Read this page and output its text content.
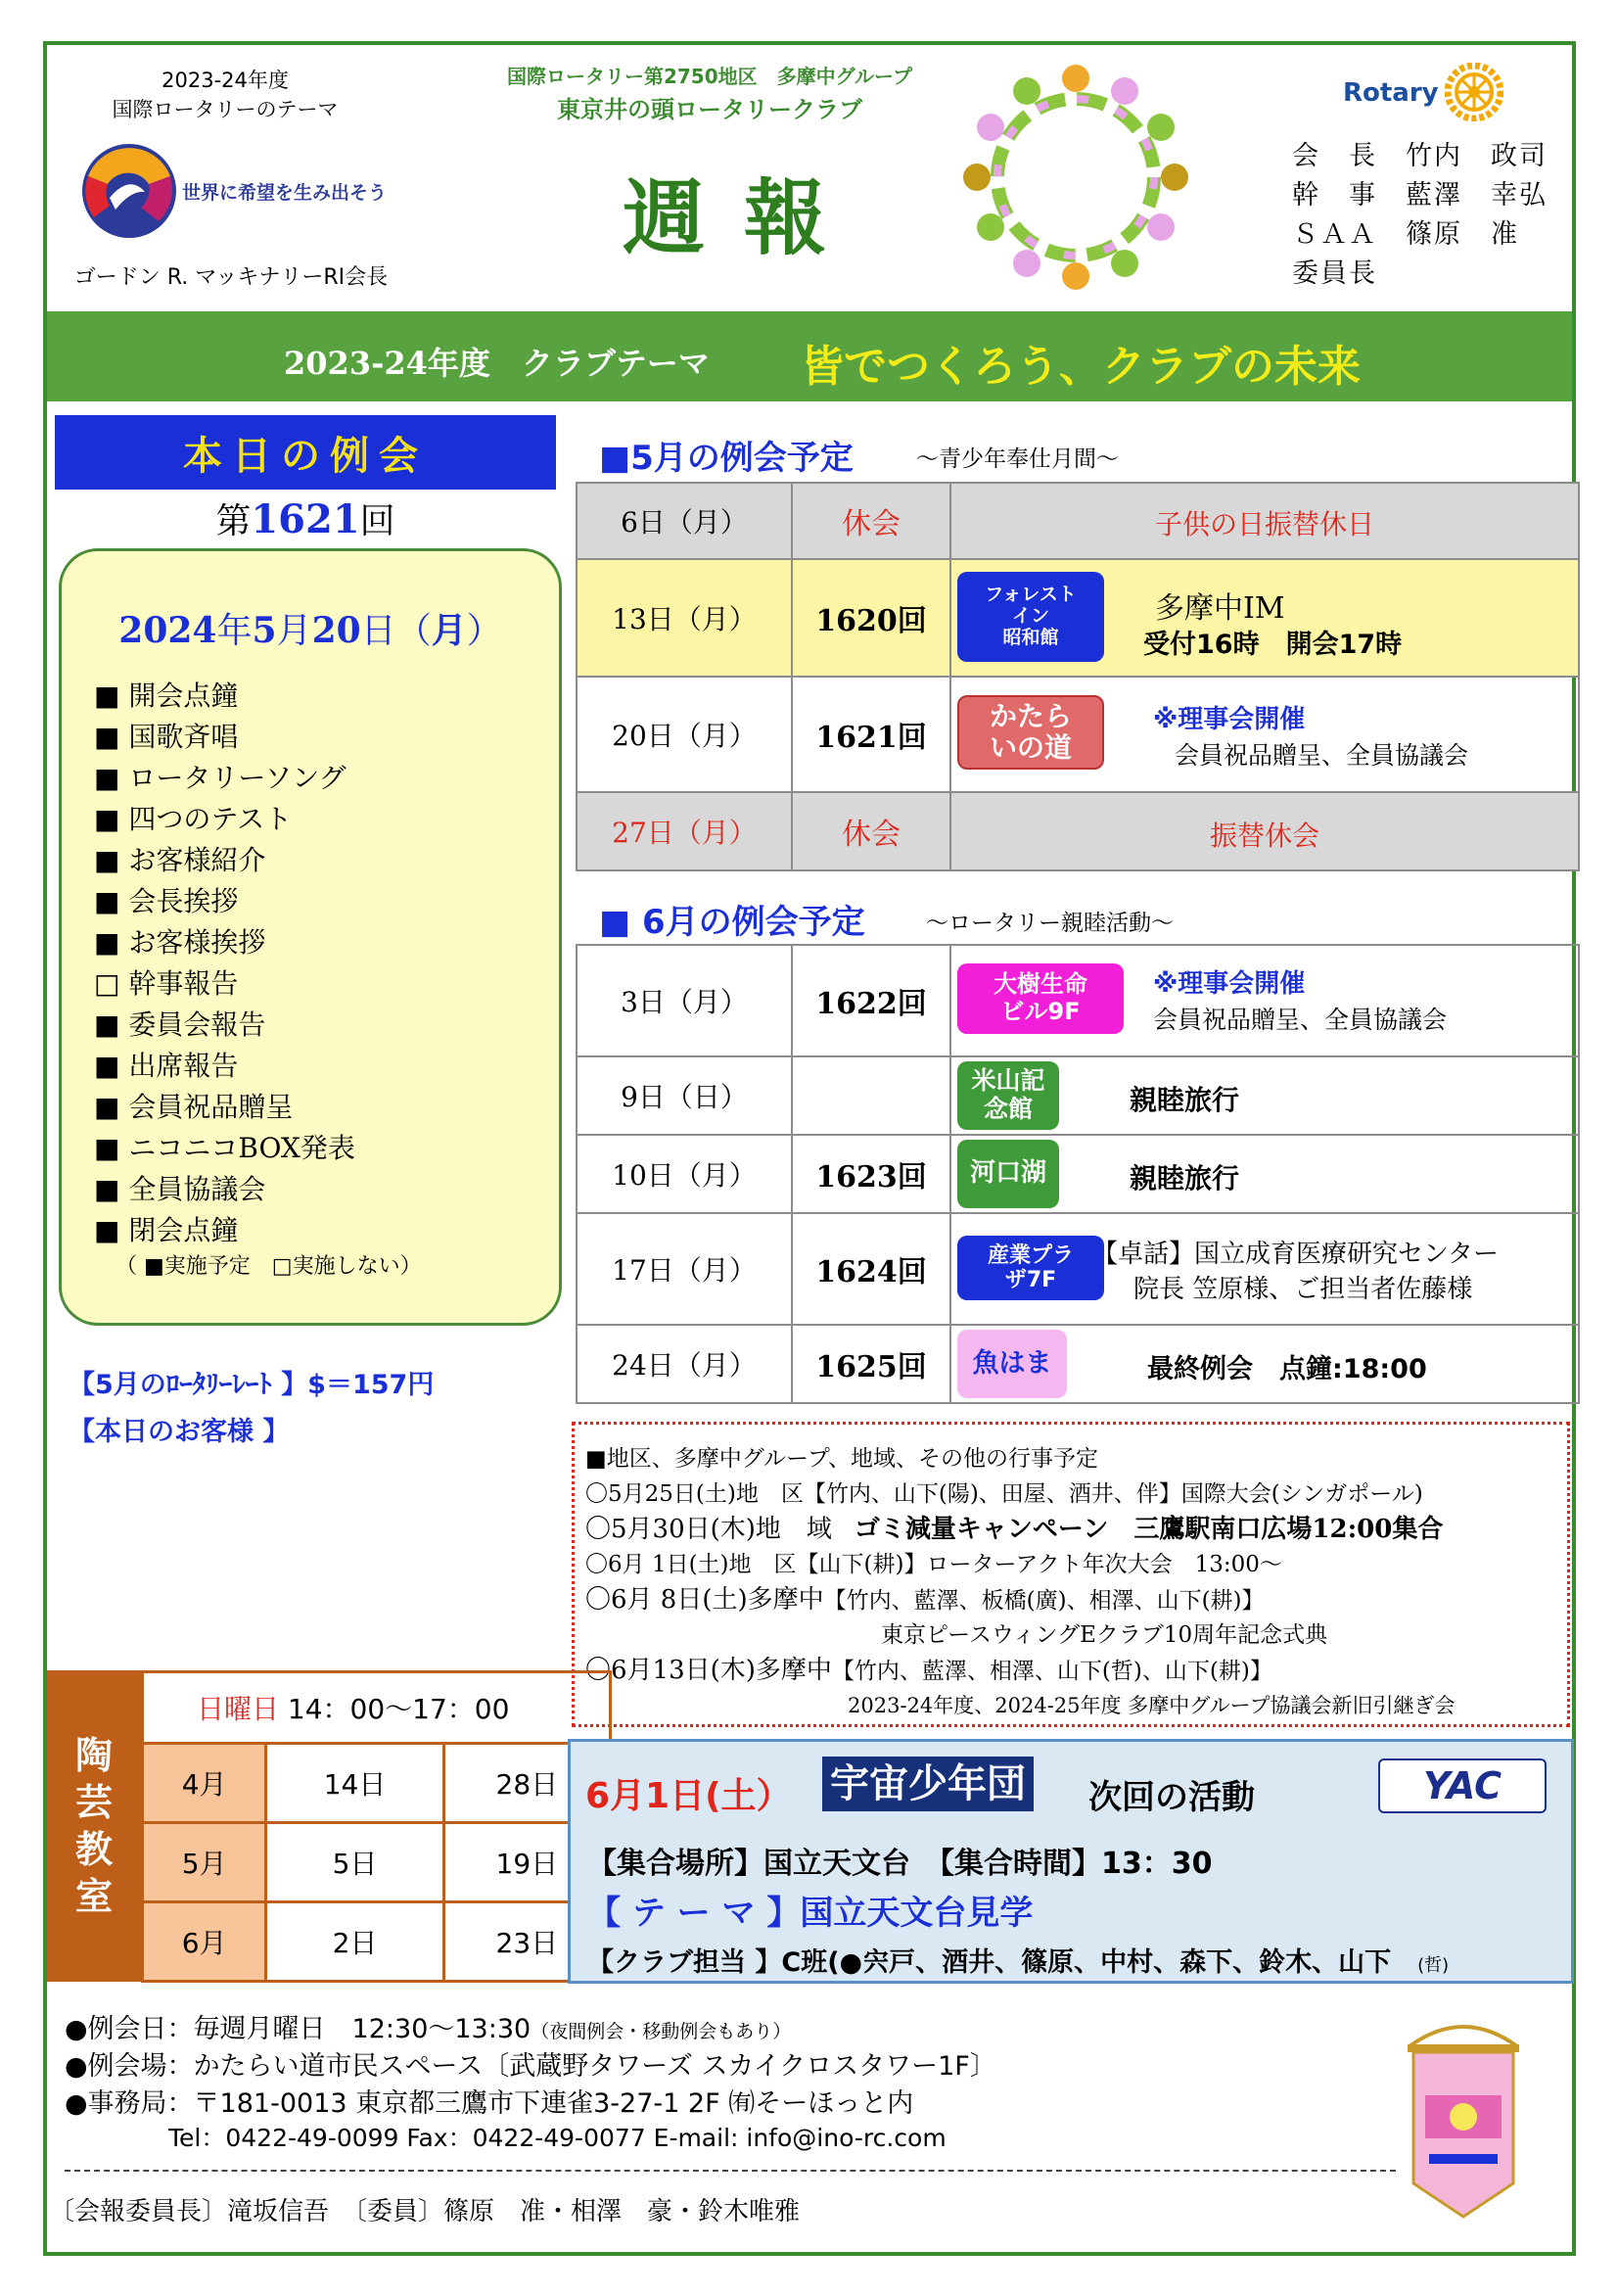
2023-24年度
国際ロータリーのテーマ
世界に希望を生み出そう
ゴードン R. マッキナリーRI会長
国際ロータリー第2750地区　多摩中グループ
東京井の頭ロータリークラブ
週報
Rotary
会　長　 竹内　政司
幹　事　 藍澤　幸弘
ＳＡＡ　 篠原　准
委員長
2023-24年度　クラブテーマ 皆でつくろう、クラブの未来
本日の例会
第1621回
2024年5月20日（月）
■ 開会点鐘
■ 国歌斉唱
■ ロータリーソング
■ 四つのテスト
■ お客様紹介
■ 会長挨拶
■ お客様挨拶
□ 幹事報告
■ 委員会報告
■ 出席報告
■ 会員祝品贈呈
■ ニコニコBOX発表
■ 全員協議会
■ 閉会点鐘
（ ■実施予定　□実施しない）
【5月のﾛｰﾀﾘｰﾚｰﾄ 】$＝157円
【本日のお客様 】
■5月の例会予定	～青少年奉仕月間～
6日（月）	休会	子供の日振替休日

13日（月）	1620回	フォレスト
イン
昭和館
多摩中IM
受付16時　開会17時

20日（月）	1621回	かたら
いの道
※理事会開催
会員祝品贈呈、全員協議会

27日（月）	休会	振替休会
■ 6月の例会予定	～ロータリー親睦活動～
3日（月）	1622回	大樹生命
ビル9F
※理事会開催
会員祝品贈呈、全員協議会

9日（日）		米山記
念館 親睦旅行

10日（月）	1623回	河口湖 親睦旅行

17日（月）	1624回	産業プラ
ザ7F
【卓話】国立成育医療研究センター
院長 笠原様、ご担当者佐藤様

24日（月）	1625回	魚はま 最終例会　点鐘:18:00
■地区、多摩中グループ、地域、その他の行事予定
〇5月25日(土)地　区【竹内、山下(陽)、田屋、酒井、伴】国際大会(シンガポール)
〇5月30日(木)地　域　 ゴミ減量キャンペーン　三鷹駅南口広場12:00集合
〇6月 1日(土)地　区【山下(耕)】ローターアクト年次大会　13:00～
〇6月 8日(土)多摩中【竹内、藍澤、板橋(廣)、相澤、山下(耕)】
東京ピースウィングEクラブ10周年記念式典
〇6月13日(木)多摩中【竹内、藍澤、相澤、山下(哲)、山下(耕)】
2023-24年度、2024-25年度 多摩中グループ協議会新旧引継ぎ会
陶
芸
教
室
日曜日 14：00～17：00		
4月	14日	28日
5月	5日	19日
6月	2日	23日
6月1日(土） 宇宙少年団 次回の活動	YAC
【集合場所】国立天文台　【集合時間】13：30
【 テ ー マ 】国立天文台見学
【クラブ担当 】C班(●宍戸、酒井、篠原、中村、森下、鈴木、山下　 (哲)
●例会日：毎週月曜日　12:30～13:30（夜間例会・移動例会もあり）
●例会場：かたらい道市民スペース〔武蔵野タワーズ スカイクロスタワー1F〕
●事務局：〒181-0013 東京都三鷹市下連雀3-27-1 2F ㈲そーほっと内
Tel：0422-49-0099 Fax：0422-49-0077 E-mail: info@ino-rc.com
〔会報委員長〕滝坂信吾　〔委員〕篠原　准・相澤　豪・鈴木唯雅
